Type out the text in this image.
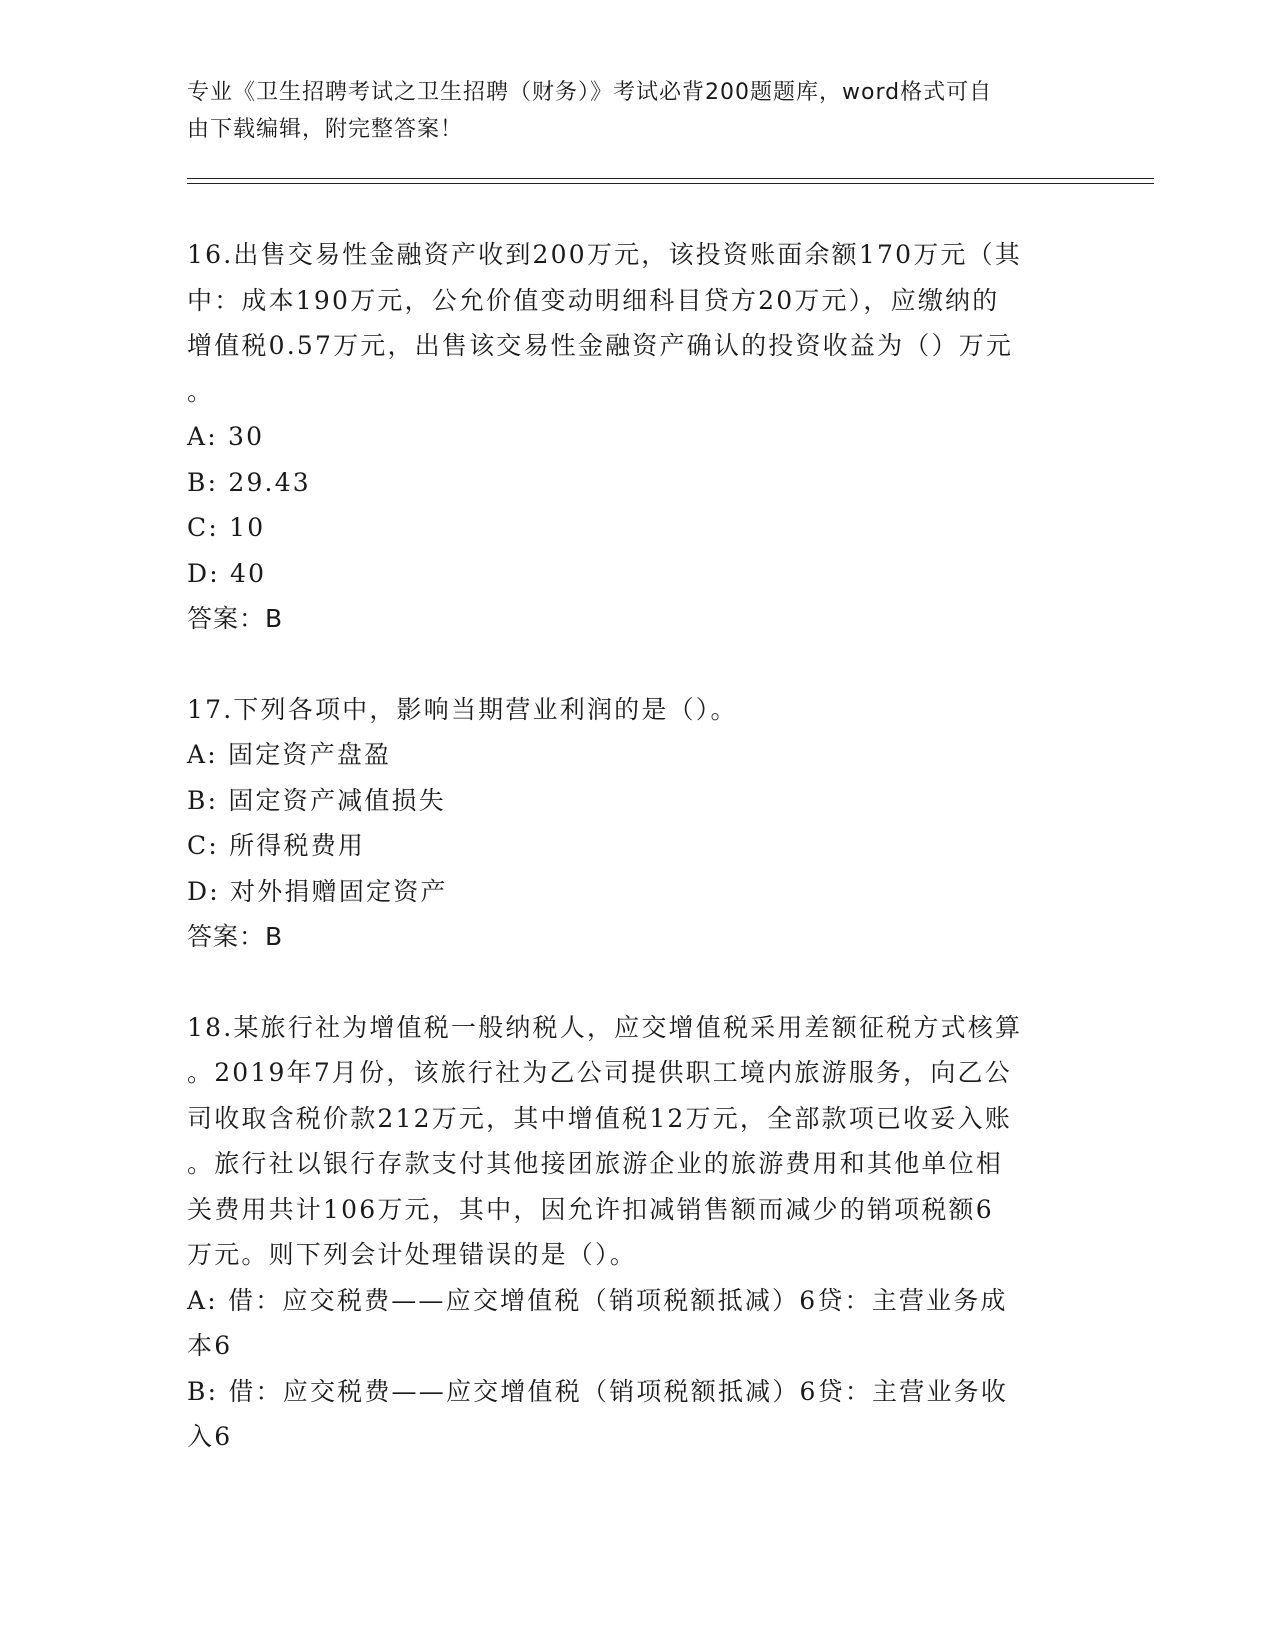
专业《卫生招聘考试之卫生招聘（财务）》考试必背200题题库，word格式可自
由下载编辑，附完整答案！
16.出售交易性金融资产收到200万元，该投资账面余额170万元（其
中：成本190万元，公允价值变动明细科目贷方20万元），应缴纳的
增值税0.57万元，出售该交易性金融资产确认的投资收益为（）万元
。
A: 30
B: 29.43
C: 10
D: 40
答案：B
17.下列各项中，影响当期营业利润的是（）。
A: 固定资产盘盈
B: 固定资产减值损失
C: 所得税费用
D: 对外捐赠固定资产
答案：B
18.某旅行社为增值税一般纳税人，应交增值税采用差额征税方式核算
。2019年7月份，该旅行社为乙公司提供职工境内旅游服务，向乙公
司收取含税价款212万元，其中增值税12万元，全部款项已收妥入账
。旅行社以银行存款支付其他接团旅游企业的旅游费用和其他单位相
关费用共计106万元，其中，因允许扣减销售额而减少的销项税额6
万元。则下列会计处理错误的是（）。
A: 借：应交税费——应交增值税（销项税额抵减）6贷：主营业务成
本6
B: 借：应交税费——应交增值税（销项税额抵减）6贷：主营业务收
入6
